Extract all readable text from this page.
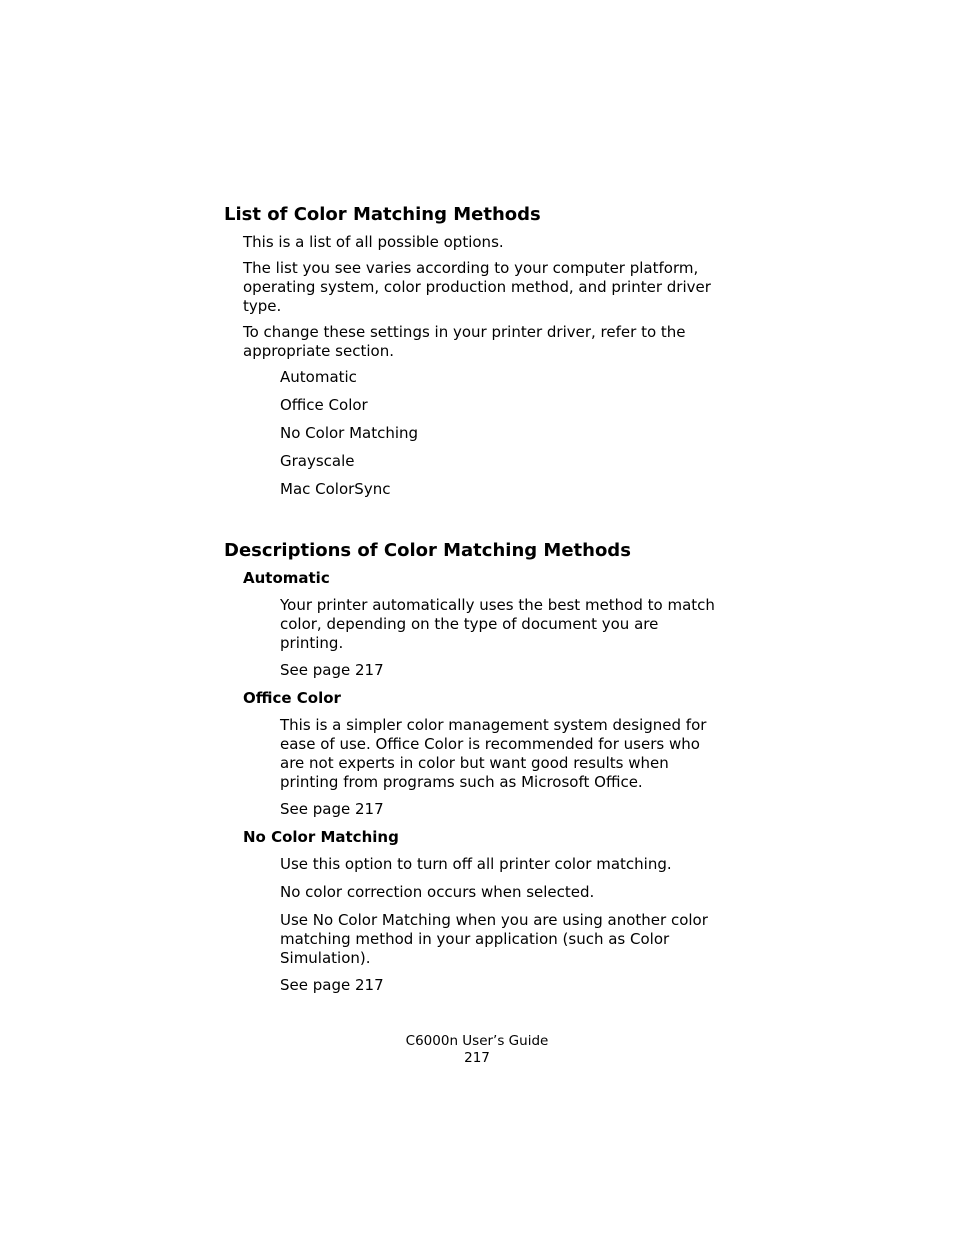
List of Color Matching Methods

This is a list of all possible options.

The list you see varies according to your computer platform,
operating system, color production method, and printer driver
type.

To change these settings in your printer driver, refer to the
appropriate section.

Automatic

Office Color

No Color Matching

Grayscale

Mac ColorSync

Descriptions of Color Matching Methods
Automatic

Your printer automatically uses the best method to match
color, depending on the type of document you are
printing.

See page 217

Office Color

This is a simpler color management system designed for
ease of use. Office Color is recommended for users who
are not experts in color but want good results when
printing from programs such as Microsoft Office.

See page 217

No Color Matching

Use this option to turn off all printer color matching.

No color correction occurs when selected.

Use No Color Matching when you are using another color
matching method in your application (such as Color
Simulation).

See page 217

C6000n User’s Guide

217
